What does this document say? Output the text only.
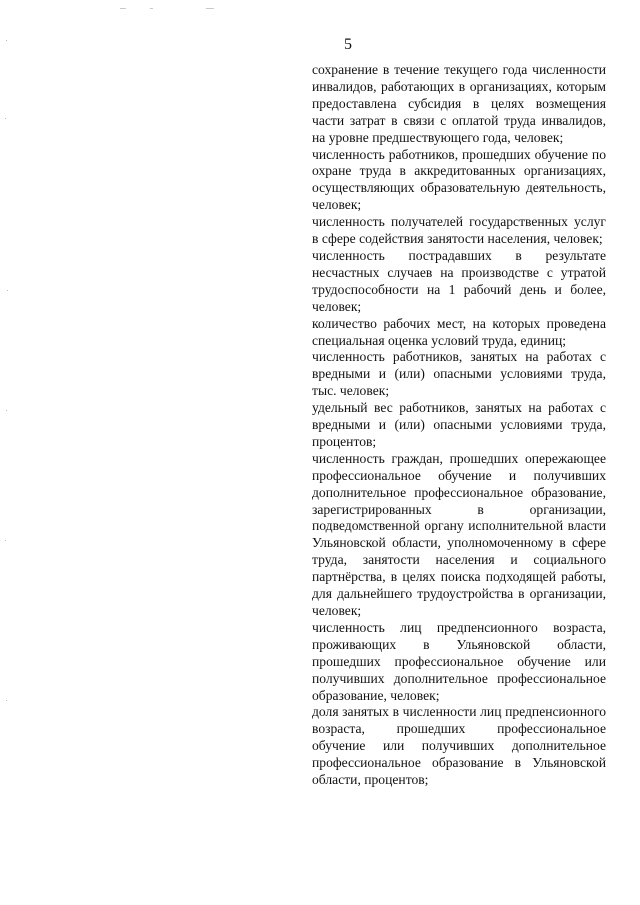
5

сохранение в течение текущего года численности инвалидов, работающих в организациях, которым предоставлена субсидия в целях возмещения части затрат в связи с оплатой труда инвалидов, на уровне предшествующего года, человек;

численность работников, прошедших обучение по охране труда в аккредитованных организациях, осуществляющих образовательную деятельность, человек;

численность получателей государственных услуг в сфере содействия занятости населения, человек;

численность пострадавших в результате несчастных случаев на производстве с утратой трудоспособности на 1 рабочий день и более, человек;

количество рабочих мест, на которых проведена специальная оценка условий труда, единиц;

численность работников, занятых на работах с вредными и (или) опасными условиями труда, тыс. человек;

удельный вес работников, занятых на работах с вредными и (или) опасными условиями труда, процентов;

численность граждан, прошедших опережающее профессиональное обучение и получивших дополнительное профессиональное образование, зарегистрированных в организации, подведомственной органу исполнительной власти Ульяновской области, уполномоченному в сфере труда, занятости населения и социального партнёрства, в целях поиска подходящей работы, для дальнейшего трудоустройства в организации, человек;

численность лиц предпенсионного возраста, проживающих в Ульяновской области, прошедших профессиональное обучение или получивших дополнительное профессиональное образование, человек;

доля занятых в численности лиц предпенсионного возраста, прошедших профессиональное обучение или получивших дополнительное профессиональное образование в Ульяновской области, процентов;
